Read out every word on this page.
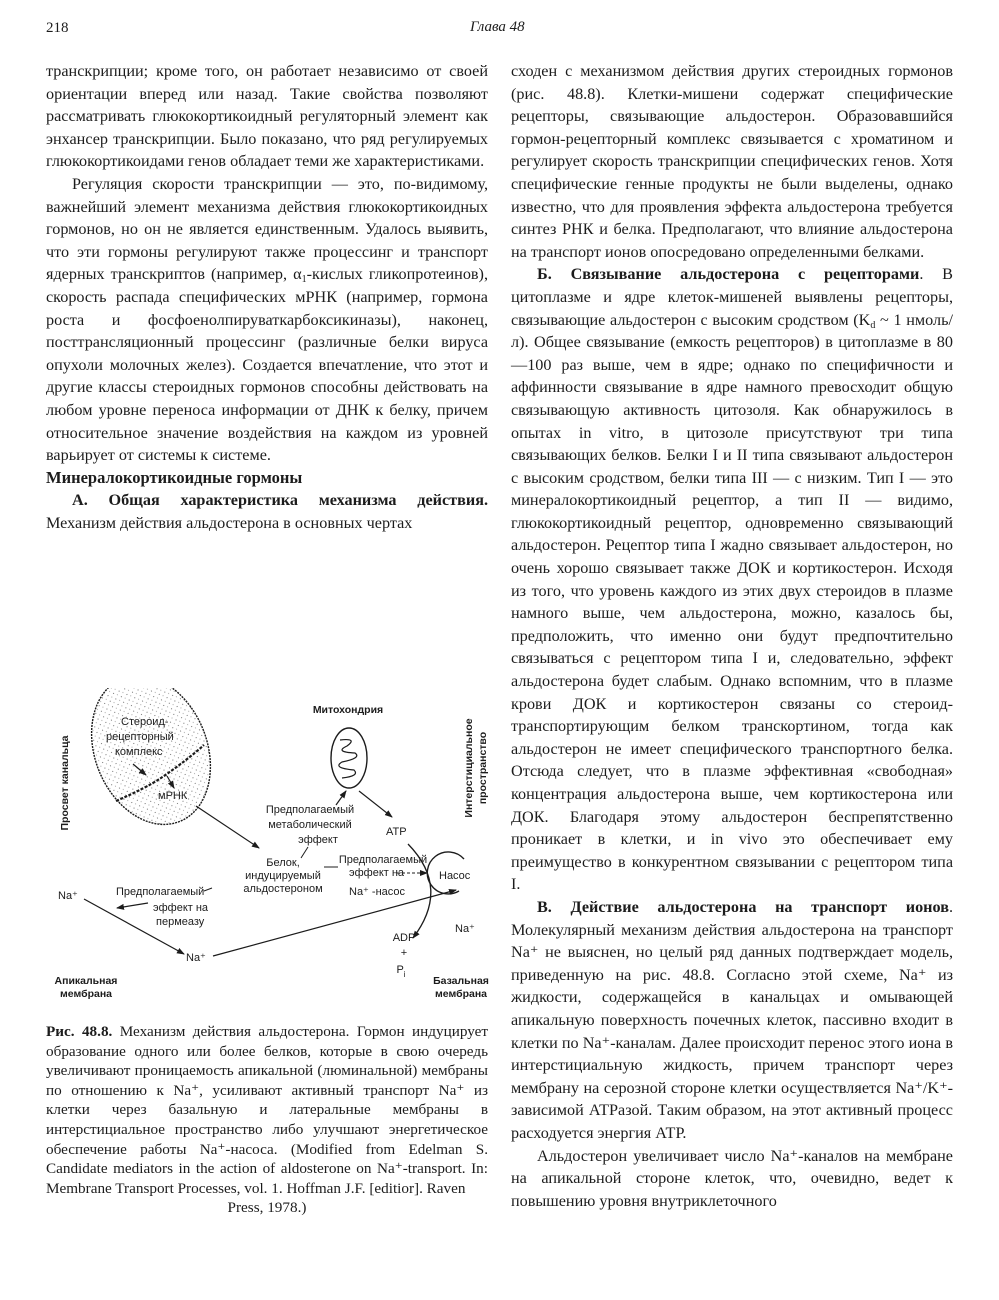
218	Глава 48

транскрипции; кроме того, он работает независимо от своей ориентации вперед или назад. Такие свойства позволяют рассматривать глюкокортикоидный регуляторный элемент как энхансер транскрипции. Было показано, что ряд регулируемых глюкокортикоидами генов обладает теми же характеристиками.

Регуляция скорости транскрипции — это, по-видимому, важнейший элемент механизма действия глюкокортикоидных гормонов, но он не является единственным. Удалось выявить, что эти гормоны регулируют также процессинг и транспорт ядерных транскриптов (например, $\alpha_1$-кислых гликопротеинов), скорость распада специфических мРНК (например, гормона роста и фосфоенолпируваткарбоксикиназы), наконец, посттрансляционный процессинг (различные белки вируса опухоли молочных желез). Создается впечатление, что этот и другие классы стероидных гормонов способны действовать на любом уровне переноса информации от ДНК к белку, причем относительное значение воздействия на каждом из уровней варьирует от системы к системе.

Минералокортикоидные гормоны

А. Общая характеристика механизма действия. Механизм действия альдостерона в основных чертах

Просвет канальца
Стероид-
рецепторный
комплекс
мРНК
Митохондрия
Интерстициальное пространство
ATP
Предполагаемый
метаболический
эффект
Белок,
индуцируемый
альдостероном
Предполагаемый
эффект на
Na⁺ -насос
Насос
Предполагаемый
эффект на
пермеазу
Na⁺
Na⁺
Na⁺
ADP
+
$P_i$
Апикальная
мембрана
Базальная
мембрана
Рис. 48.8. Механизм действия альдостерона. Гормон индуцирует образование одного или более белков, которые в свою очередь увеличивают проницаемость апикальной (люминальной) мембраны по отношению к Na⁺, усиливают активный транспорт Na⁺ из клетки через базальную и латеральные мембраны в интерстициальное пространство либо улучшают энергетическое обеспечение работы Na⁺-насоса. (Modified from Edelman S. Candidate mediators in the action of aldosterone on Na⁺-transport. In: Membrane Transport Processes, vol. 1. Hoffman J.F. [editior]. Raven
Press, 1978.)

сходен с механизмом действия других стероидных гормонов (рис. 48.8). Клетки-мишени содержат специфические рецепторы, связывающие альдостерон. Образовавшийся гормон-рецепторный комплекс связывается с хроматином и регулирует скорость транскрипции специфических генов. Хотя специфические генные продукты не были выделены, однако известно, что для проявления эффекта альдостерона требуется синтез РНК и белка. Предполагают, что влияние альдостерона на транспорт ионов опосредовано определенными белками.

Б. Связывание альдостерона с рецепторами. В цитоплазме и ядре клеток-мишеней выявлены рецепторы, связывающие альдостерон с высоким сродством ($K_d$ ~ 1 нмоль/л). Общее связывание (емкость рецепторов) в цитоплазме в 80—100 раз выше, чем в ядре; однако по специфичности и аффинности связывание в ядре намного превосходит общую связывающую активность цитозоля. Как обнаружилось в опытах in vitro, в цитозоле присутствуют три типа связывающих белков. Белки I и II типа связывают альдостерон с высоким сродством, белки типа III — с низким. Тип I — это минералокортикоидный рецептор, а тип II — видимо, глюкокортикоидный рецептор, одновременно связывающий альдостерон. Рецептор типа I жадно связывает альдостерон, но очень хорошо связывает также ДОК и кортикостерон. Исходя из того, что уровень каждого из этих двух стероидов в плазме намного выше, чем альдостерона, можно, казалось бы, предположить, что именно они будут предпочтительно связываться с рецептором типа I и, следовательно, эффект альдостерона будет слабым. Однако вспомним, что в плазме крови ДОК и кортикостерон связаны со стероид-транспортирующим белком транскортином, тогда как альдостерон не имеет специфического транспортного белка. Отсюда следует, что в плазме эффективная «свободная» концентрация альдостерона выше, чем кортикостерона или ДОК. Благодаря этому альдостерон беспрепятственно проникает в клетки, и in vivo это обеспечивает ему преимущество в конкурентном связывании с рецептором типа I.

В. Действие альдостерона на транспорт ионов. Молекулярный механизм действия альдостерона на транспорт Na⁺ не выяснен, но целый ряд данных подтверждает модель, приведенную на рис. 48.8. Согласно этой схеме, Na⁺ из жидкости, содержащейся в канальцах и омывающей апикальную поверхность почечных клеток, пассивно входит в клетки по Na⁺-каналам. Далее происходит перенос этого иона в интерстициальную жидкость, причем транспорт через мембрану на серозной стороне клетки осуществляется Na⁺/K⁺-зависимой АТРазой. Таким образом, на этот активный процесс расходуется энергия АТР.

Альдостерон увеличивает число Na⁺-каналов на мембране на апикальной стороне клеток, что, очевидно, ведет к повышению уровня внутриклеточного
